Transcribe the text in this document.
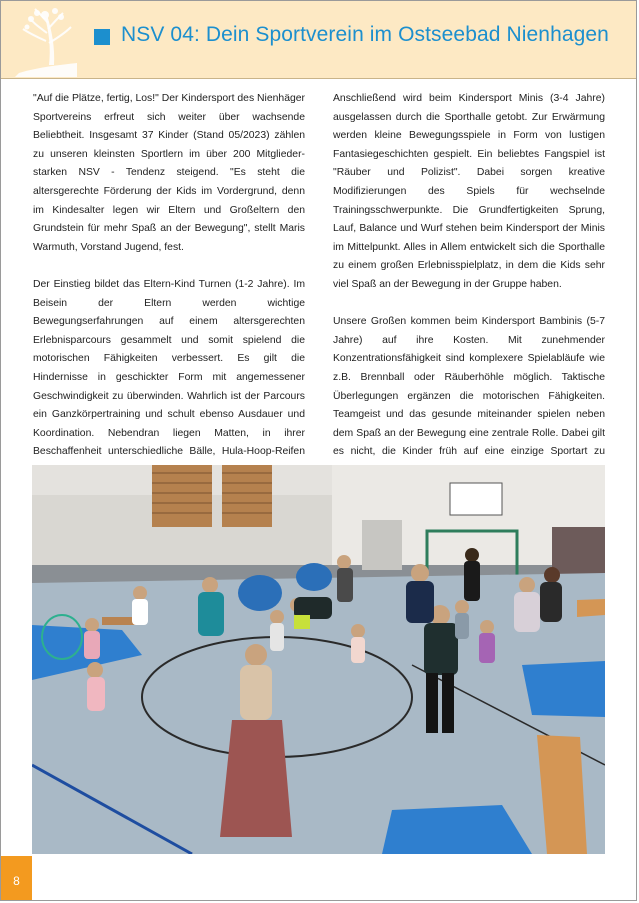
NSV 04: Dein Sportverein im Ostseebad Nienhagen

"Auf die Plätze, fertig, Los!" Der Kindersport des Nienhäger Sportvereins erfreut sich weiter über wachsende Beliebtheit. Insgesamt 37 Kinder (Stand 05/2023) zählen zu unseren kleinsten Sportlern im über 200 Mitglieder-starken NSV - Tendenz steigend. "Es steht die altersgerechte Förderung der Kids im Vordergrund, denn im Kindesalter legen wir Eltern und Großeltern den Grundstein für mehr Spaß an der Bewegung", stellt Maris Warmuth, Vorstand Jugend, fest.

Der Einstieg bildet das Eltern-Kind Turnen (1-2 Jahre). Im Beisein der Eltern werden wichtige Bewegungserfahrungen auf einem altersgerechten Erlebnisparcours gesammelt und somit spielend die motorischen Fähigkeiten verbessert. Es gilt die Hindernisse in geschickter Form mit angemessener Geschwindigkeit zu überwinden. Wahrlich ist der Parcours ein Ganzkörpertraining und schult ebenso Ausdauer und Koordination. Nebendran liegen Matten, in ihrer Beschaffenheit unterschiedliche Bälle, Hula-Hoop-Reifen

Anschließend wird beim Kindersport Minis (3-4 Jahre) ausgelassen durch die Sporthalle getobt. Zur Erwärmung werden kleine Bewegungsspiele in Form von lustigen Fantasiegeschichten gespielt. Ein beliebtes Fangspiel ist "Räuber und Polizist". Dabei sorgen kreative Modifizierungen des Spiels für wechselnde Trainingsschwerpunkte. Die Grundfertigkeiten Sprung, Lauf, Balance und Wurf stehen beim Kindersport der Minis im Mittelpunkt. Alles in Allem entwickelt sich die Sporthalle zu einem großen Erlebnisspielplatz, in dem die Kids sehr viel Spaß an der Bewegung in der Gruppe haben.

Unsere Großen kommen beim Kindersport Bambinis (5-7 Jahre) auf ihre Kosten. Mit zunehmender Konzentrationsfähigkeit sind komplexere Spielabläufe wie z.B. Brennball oder Räuberhöhle möglich. Taktische Überlegungen ergänzen die motorischen Fähigkeiten. Teamgeist und das gesunde miteinander spielen neben dem Spaß an der Bewegung eine zentrale Rolle. Dabei gilt es nicht, die Kinder früh auf eine einzige Sportart zu

8
